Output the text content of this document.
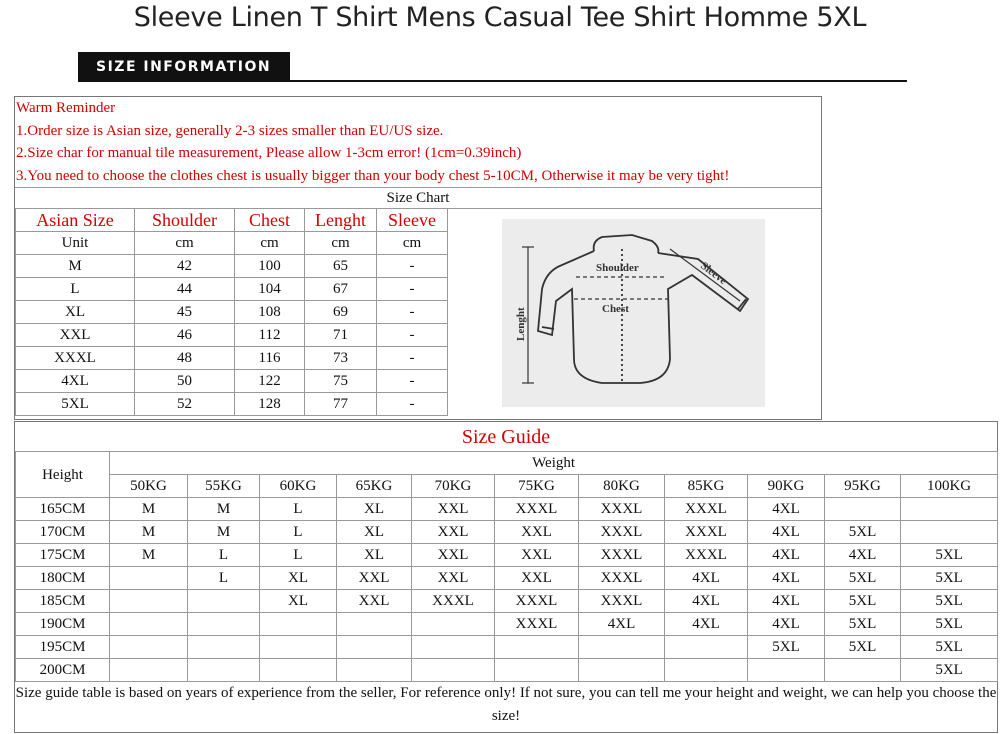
Sleeve Linen T Shirt Mens Casual Tee Shirt Homme 5XL
SIZE INFORMATION
Warm Reminder
1.Order size is Asian size, generally 2-3 sizes smaller than EU/US size.
2.Size char for manual tile measurement, Please allow 1-3cm error! (1cm=0.39inch)
3.You need to choose the clothes chest is usually bigger than your body chest 5-10CM, Otherwise it may be very tight!
Size Chart
Asian Size	Shoulder	Chest	Lenght	Sleeve
Unit	cm	cm	cm	cm
M	42	100	65	-
L	44	104	67	-
XL	45	108	69	-
XXL	46	112	71	-
XXXL	48	116	73	-
4XL	50	122	75	-
5XL	52	128	77	-
Shoulder
Chest
Lenght
Sleeve
Size Guide
Height	Weight										
	50KG	55KG	60KG	65KG	70KG	75KG	80KG	85KG	90KG	95KG	100KG
165CM	M	M	L	XL	XXL	XXXL	XXXL	XXXL	4XL		
170CM	M	M	L	XL	XXL	XXL	XXXL	XXXL	4XL	5XL	
175CM	M	L	L	XL	XXL	XXL	XXXL	XXXL	4XL	4XL	5XL
180CM		L	XL	XXL	XXL	XXL	XXXL	4XL	4XL	5XL	5XL
185CM			XL	XXL	XXXL	XXXL	XXXL	4XL	4XL	5XL	5XL
190CM						XXXL	4XL	4XL	4XL	5XL	5XL
195CM									5XL	5XL	5XL
200CM											5XL
Size guide table is based on years of experience from the seller, For reference only! If not sure, you can tell me your height and weight, we can help you choose the size!
